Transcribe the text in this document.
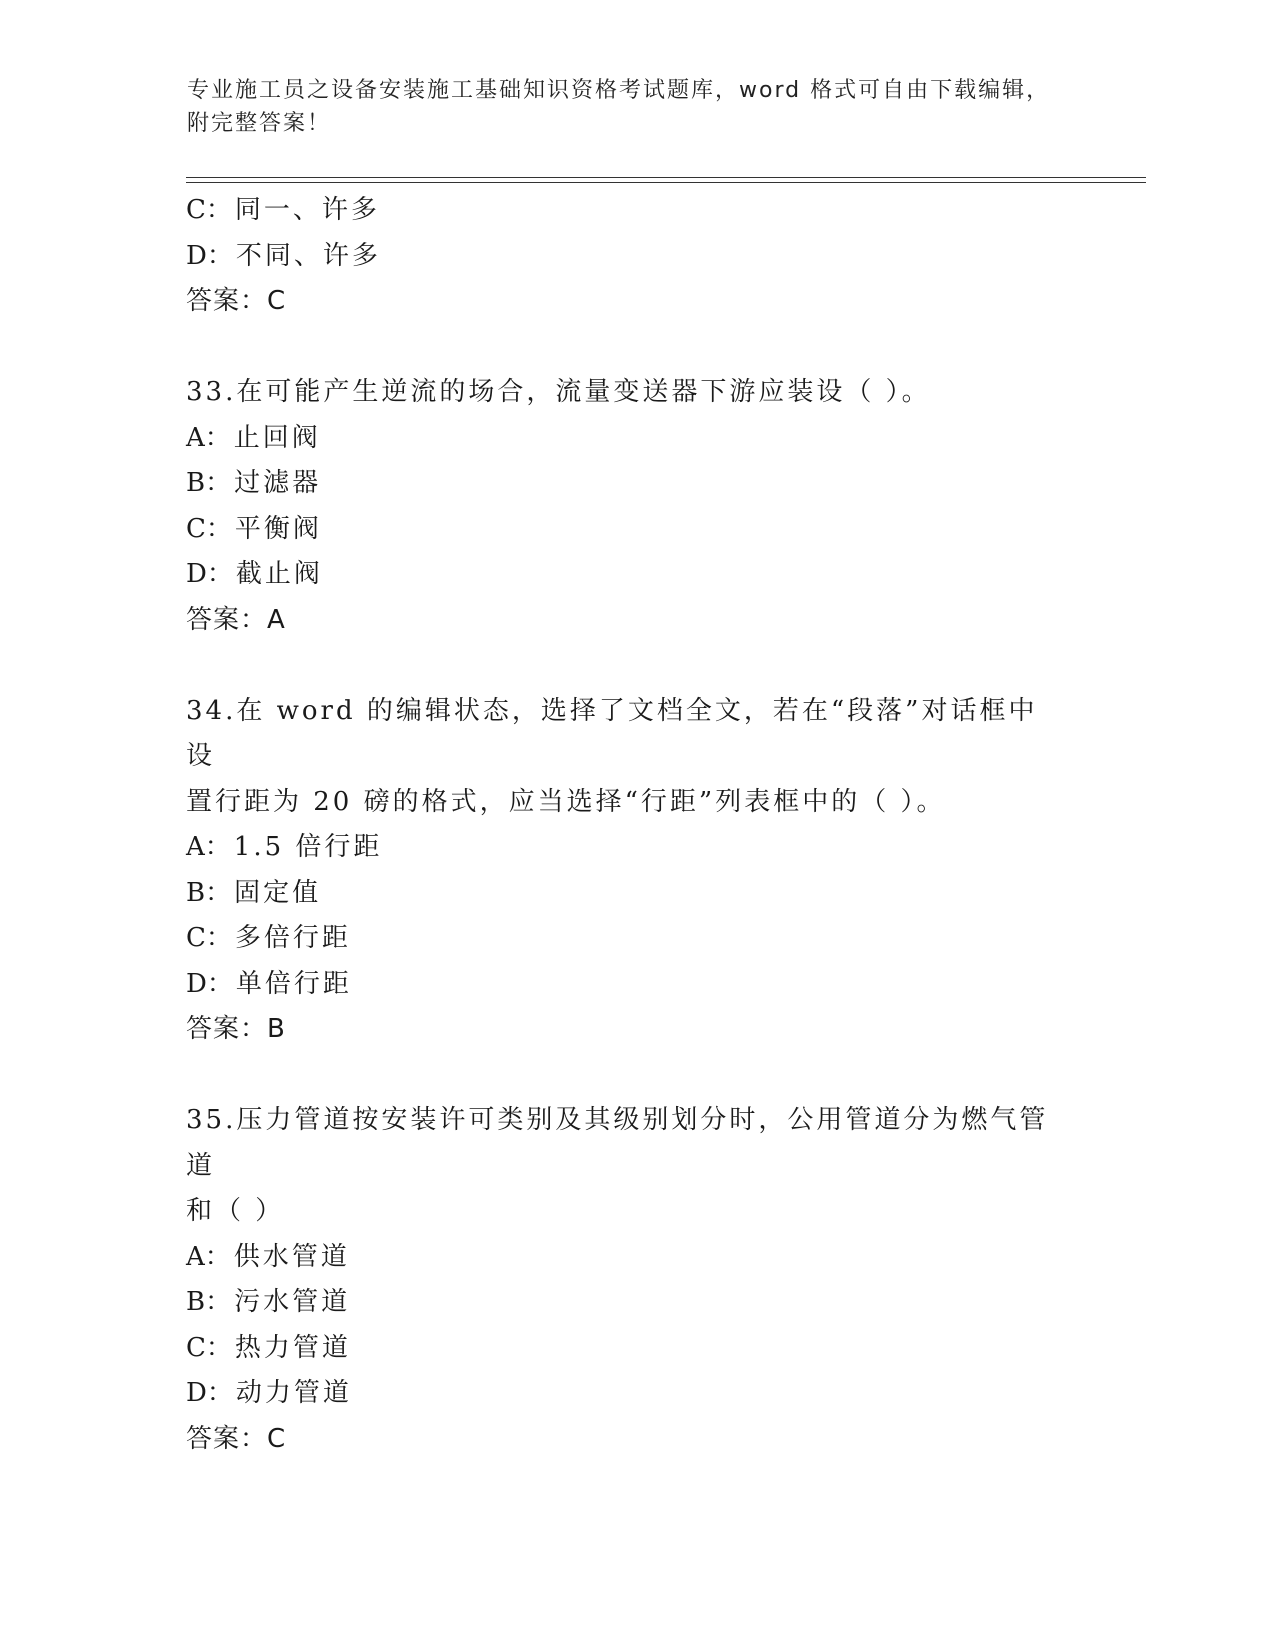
专业施工员之设备安装施工基础知识资格考试题库，word 格式可自由下载编辑，
附完整答案！
C：同一、许多
D：不同、许多
答案：C
33.在可能产生逆流的场合，流量变送器下游应装设（ ）。
A：止回阀
B：过滤器
C：平衡阀
D：截止阀
答案：A
34.在 word 的编辑状态，选择了文档全文，若在“段落”对话框中设
置行距为 20 磅的格式，应当选择“行距”列表框中的（ ）。
A：1.5 倍行距
B：固定值
C：多倍行距
D：单倍行距
答案：B
35.压力管道按安装许可类别及其级别划分时，公用管道分为燃气管道
和（ ）
A：供水管道
B：污水管道
C：热力管道
D：动力管道
答案：C
